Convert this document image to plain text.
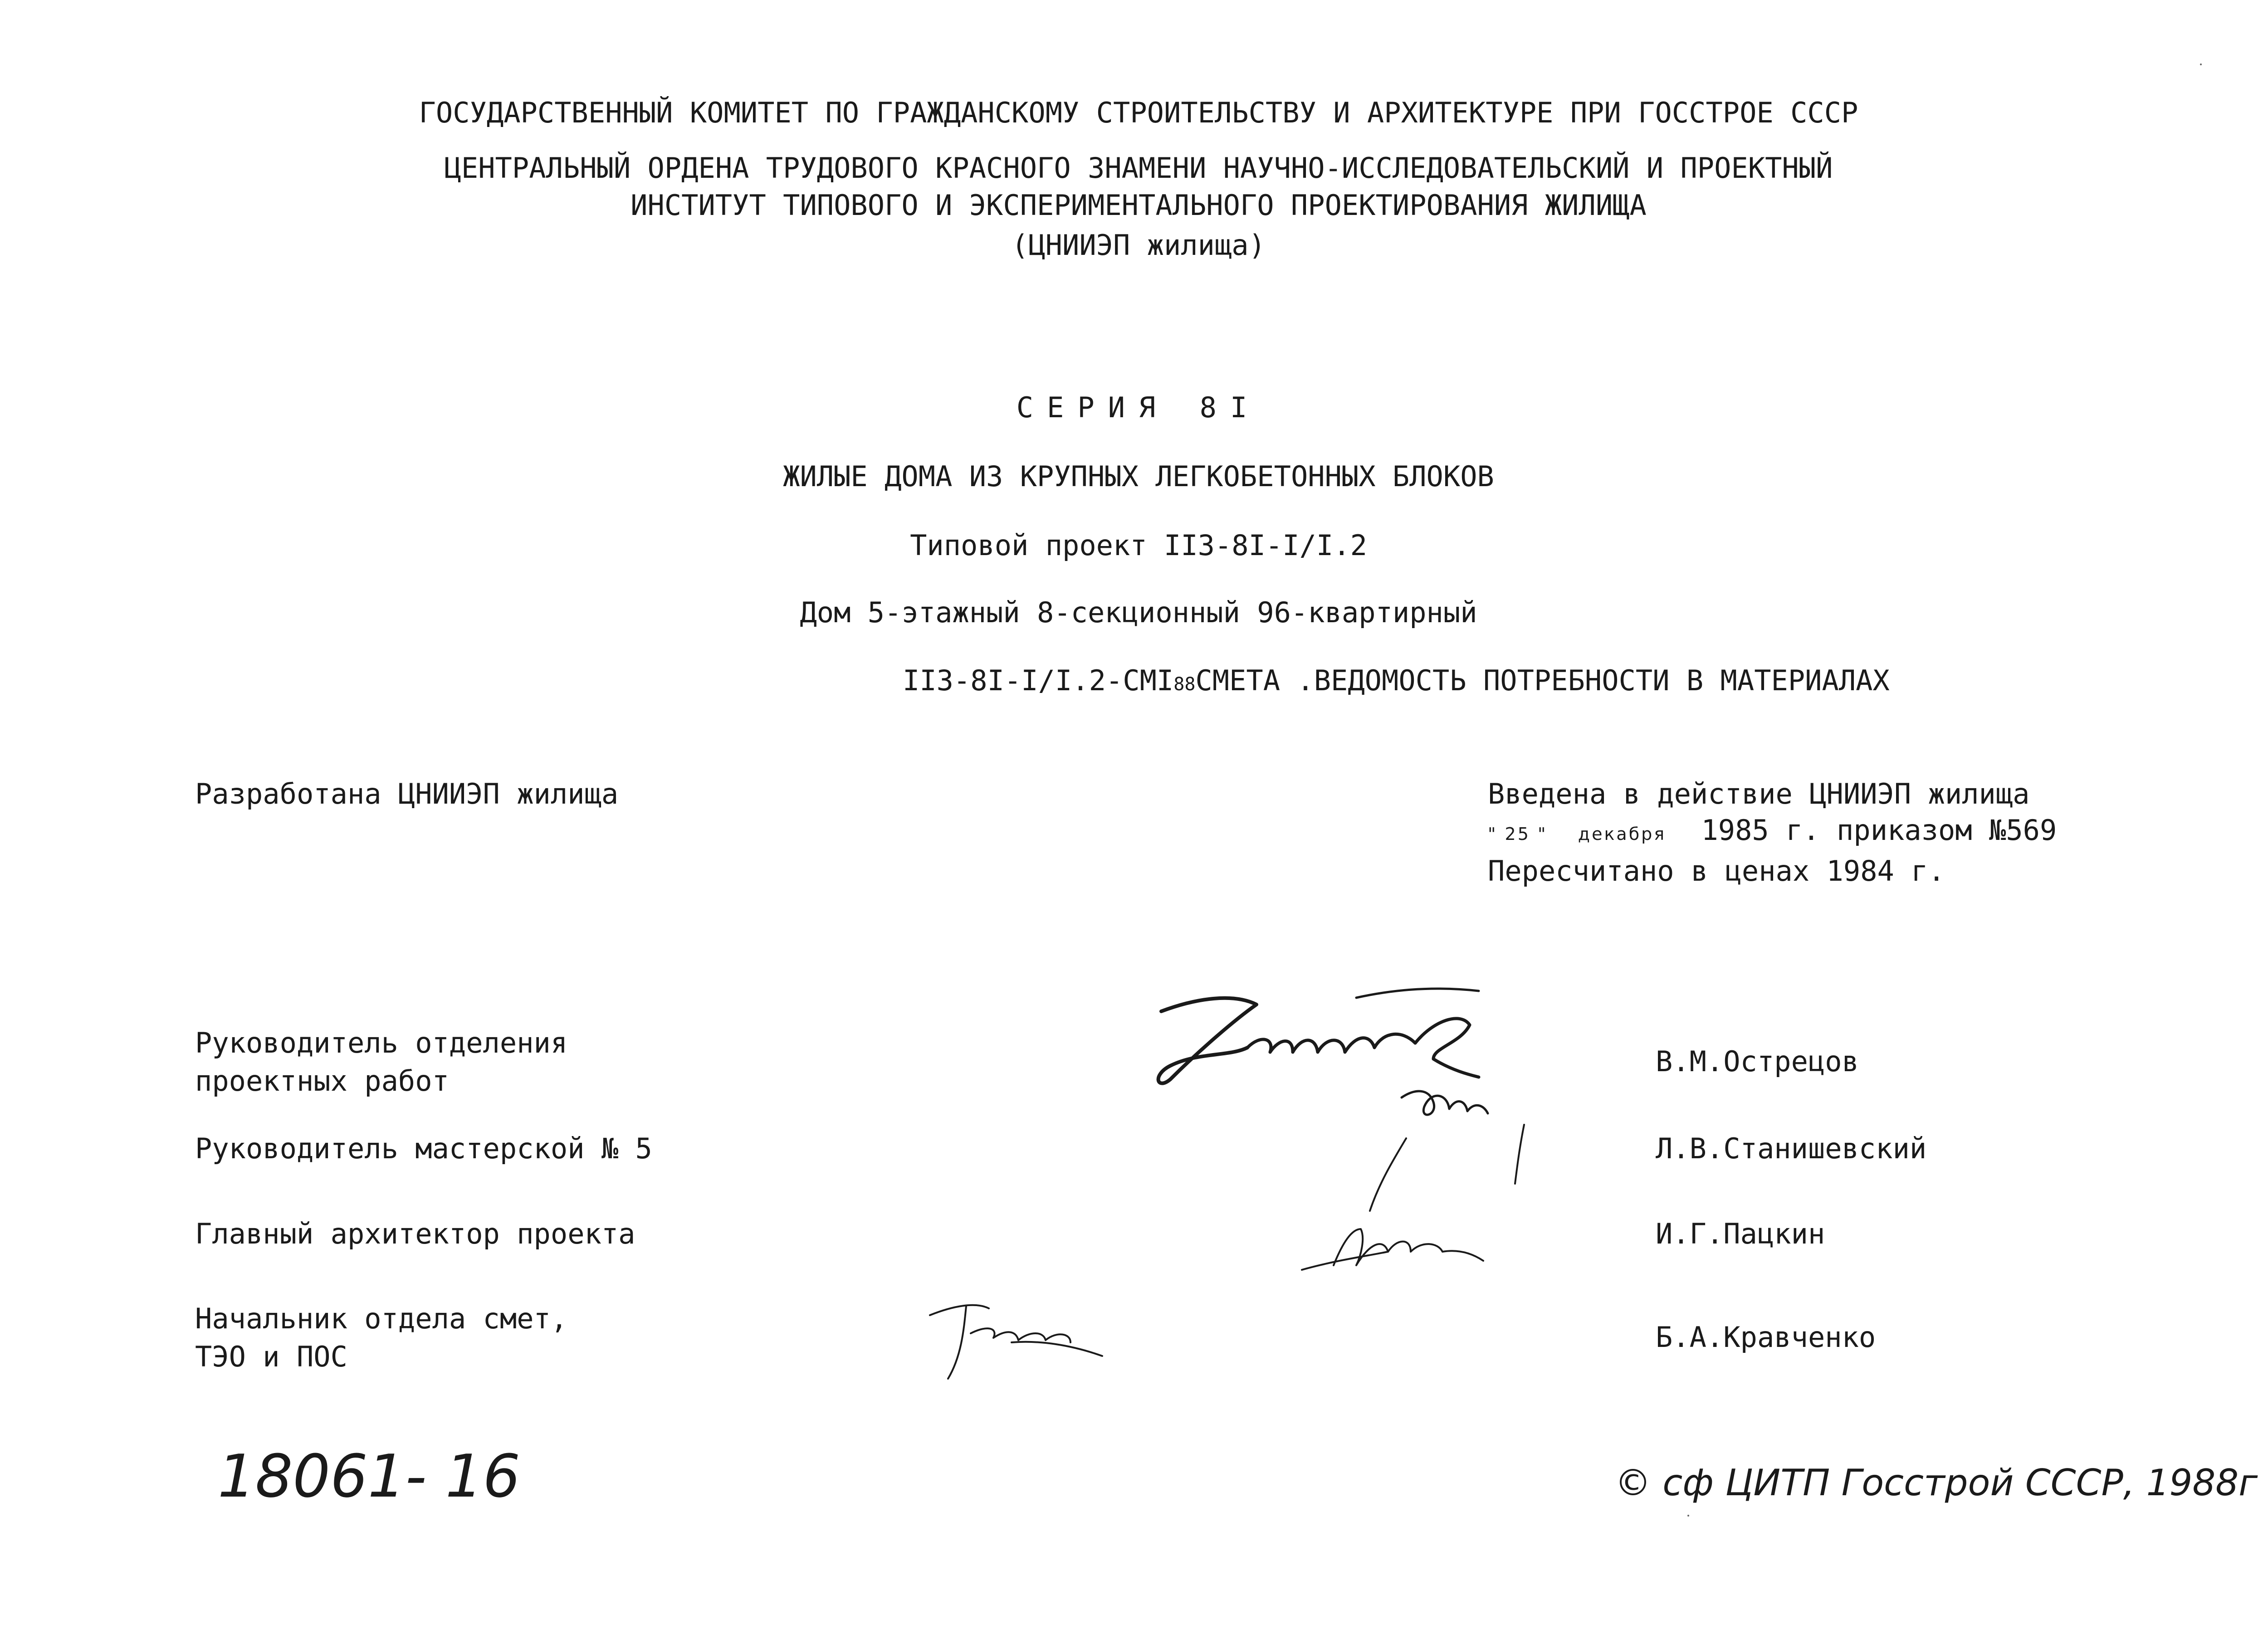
ГОСУДАРСТВЕННЫЙ КОМИТЕТ ПО ГРАЖДАНСКОМУ СТРОИТЕЛЬСТВУ И АРХИТЕКТУРЕ ПРИ ГОССТРОЕ СССР
ЦЕНТРАЛЬНЫЙ ОРДЕНА ТРУДОВОГО КРАСНОГО ЗНАМЕНИ НАУЧНО-ИССЛЕДОВАТЕЛЬСКИЙ И ПРОЕКТНЫЙ
ИНСТИТУТ ТИПОВОГО И ЭКСПЕРИМЕНТАЛЬНОГО ПРОЕКТИРОВАНИЯ ЖИЛИЩА
(ЦНИИЭП жилища)
СЕРИЯ 8I
ЖИЛЫЕ ДОМА ИЗ КРУПНЫХ ЛЕГКОБЕТОННЫХ БЛОКОВ
Типовой проект II3-8I-I/I.2
Дом 5-этажный 8-секционный 96-квартирный
II3-8I-I/I.2-CMI88СМЕТА .ВЕДОМОСТЬ ПОТРЕБНОСТИ В МАТЕРИАЛАХ
Разработана ЦНИИЭП жилища	Введена в действие ЦНИИЭП жилища
" 25 " декабря 1985 г. приказом №569
Пересчитано в ценах 1984 г.
Руководитель отделения
проектных работ
Руководитель мастерской № 5
Главный архитектор проекта
Начальник отдела смет,
ТЭО и ПОС
В.М.Острецов
Л.В.Станишевский
И.Г.Пацкин
Б.А.Кравченко
18061- 16	© сф ЦИТП Госстрой СССР, 1988г
